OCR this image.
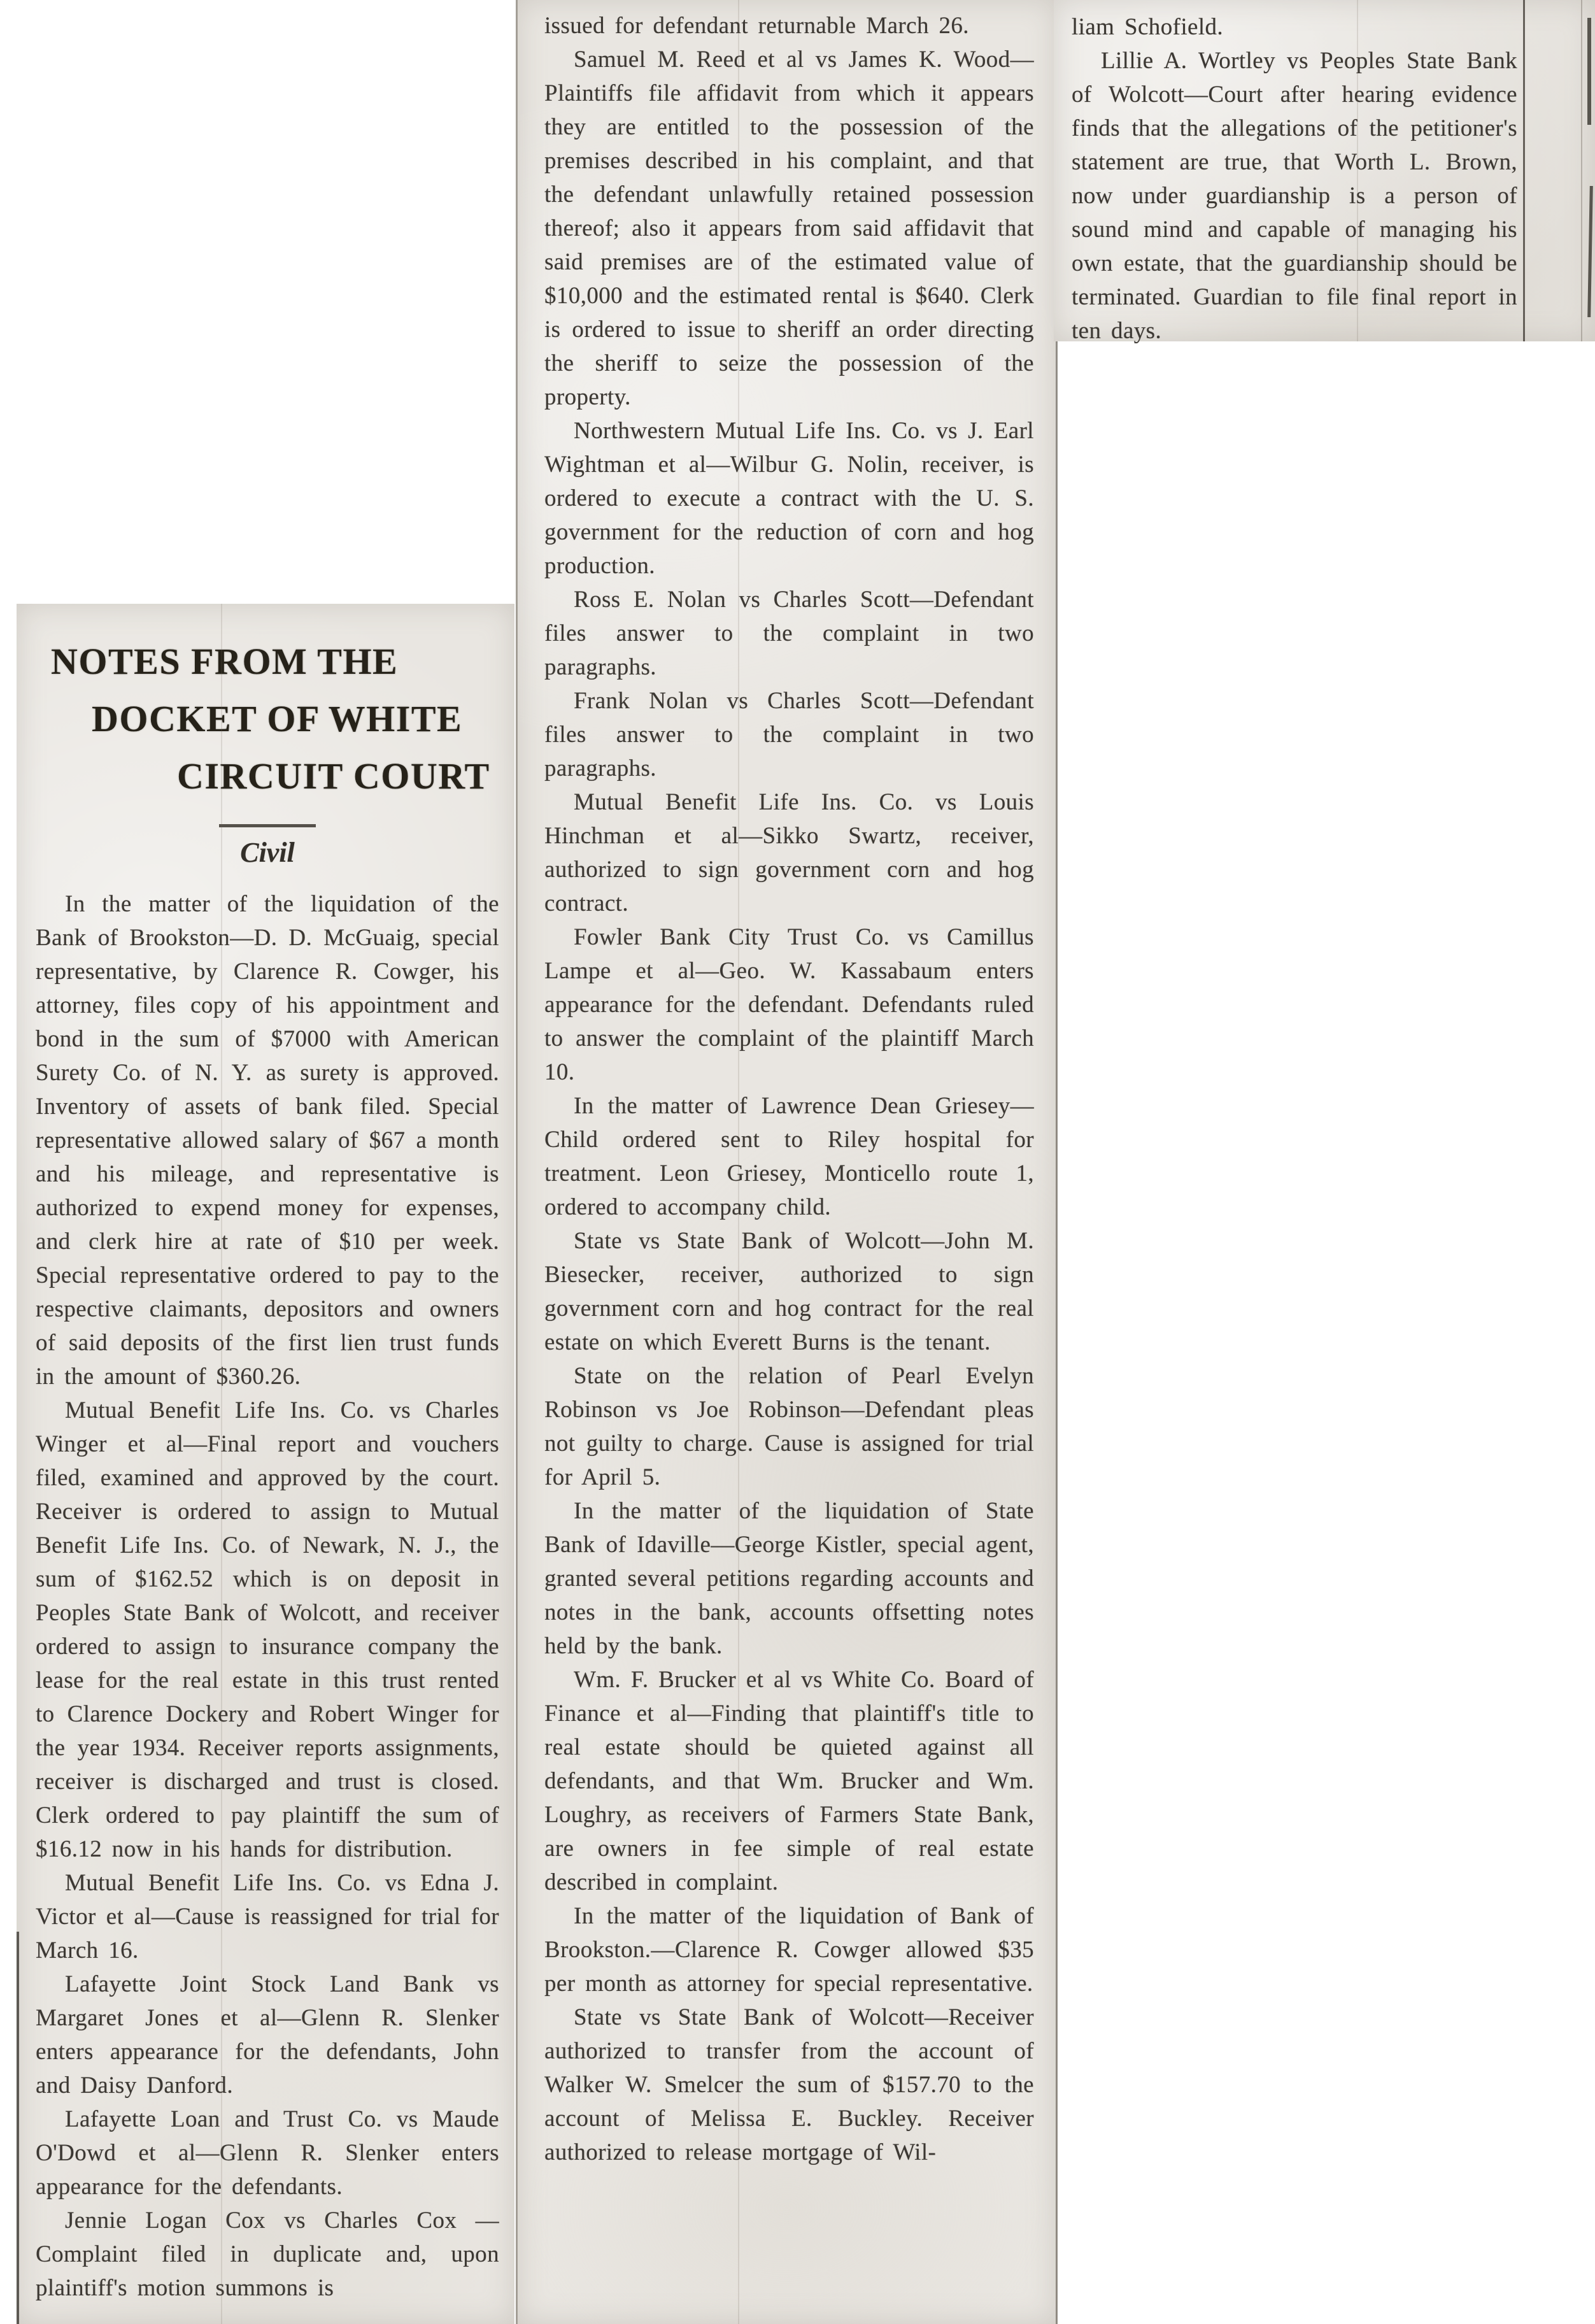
NOTES FROM THE
DOCKET OF WHITE
CIRCUIT COURT
Civil

In the matter of the liquidation of the Bank of Brookston—D. D. McGuaig, special representative, by Clarence R. Cowger, his attorney, files copy of his appointment and bond in the sum of $7000 with American Surety Co. of N. Y. as surety is approved. Inventory of assets of bank filed. Special representative allowed salary of $67 a month and his mileage, and representative is authorized to expend money for expenses, and clerk hire at rate of $10 per week. Special representative ordered to pay to the respective claimants, depositors and owners of said deposits of the first lien trust funds in the amount of $360.26.

Mutual Benefit Life Ins. Co. vs Charles Winger et al—Final report and vouchers filed, examined and approved by the court. Receiver is ordered to assign to Mutual Benefit Life Ins. Co. of Newark, N. J., the sum of $162.52 which is on deposit in Peoples State Bank of Wolcott, and receiver ordered to assign to insurance company the lease for the real estate in this trust rented to Clarence Dockery and Robert Winger for the year 1934. Receiver reports assignments, receiver is discharged and trust is closed. Clerk ordered to pay plaintiff the sum of $16.12 now in his hands for distribution.

Mutual Benefit Life Ins. Co. vs Edna J. Victor et al—Cause is reassigned for trial for March 16.

Lafayette Joint Stock Land Bank vs Margaret Jones et al—Glenn R. Slenker enters appearance for the defendants, John and Daisy Danford.

Lafayette Loan and Trust Co. vs Maude O'Dowd et al—Glenn R. Slenker enters appearance for the defendants.

Jennie Logan Cox vs Charles Cox —Complaint filed in duplicate and, upon plaintiff's motion summons is

issued for defendant returnable March 26.

Samuel M. Reed et al vs James K. Wood—Plaintiffs file affidavit from which it appears they are entitled to the possession of the premises described in his complaint, and that the defendant unlawfully retained possession thereof; also it appears from said affidavit that said premises are of the estimated value of $10,000 and the estimated rental is $640. Clerk is ordered to issue to sheriff an order directing the sheriff to seize the possession of the property.

Northwestern Mutual Life Ins. Co. vs J. Earl Wightman et al—Wilbur G. Nolin, receiver, is ordered to execute a contract with the U. S. government for the reduction of corn and hog production.

Ross E. Nolan vs Charles Scott—Defendant files answer to the complaint in two paragraphs.

Frank Nolan vs Charles Scott—Defendant files answer to the complaint in two paragraphs.

Mutual Benefit Life Ins. Co. vs Louis Hinchman et al—Sikko Swartz, receiver, authorized to sign government corn and hog contract.

Fowler Bank City Trust Co. vs Camillus Lampe et al—Geo. W. Kassabaum enters appearance for the defendant. Defendants ruled to answer the complaint of the plaintiff March 10.

In the matter of Lawrence Dean Griesey—Child ordered sent to Riley hospital for treatment. Leon Griesey, Monticello route 1, ordered to accompany child.

State vs State Bank of Wolcott—John M. Biesecker, receiver, authorized to sign government corn and hog contract for the real estate on which Everett Burns is the tenant.

State on the relation of Pearl Evelyn Robinson vs Joe Robinson—Defendant pleas not guilty to charge. Cause is assigned for trial for April 5.

In the matter of the liquidation of State Bank of Idaville—George Kistler, special agent, granted several petitions regarding accounts and notes in the bank, accounts offsetting notes held by the bank.

Wm. F. Brucker et al vs White Co. Board of Finance et al—Finding that plaintiff's title to real estate should be quieted against all defendants, and that Wm. Brucker and Wm. Loughry, as receivers of Farmers State Bank, are owners in fee simple of real estate described in complaint.

In the matter of the liquidation of Bank of Brookston.—Clarence R. Cowger allowed $35 per month as attorney for special representative.

State vs State Bank of Wolcott—Receiver authorized to transfer from the account of Walker W. Smelcer the sum of $157.70 to the account of Melissa E. Buckley. Receiver authorized to release mortgage of Wil-

liam Schofield.

Lillie A. Wortley vs Peoples State Bank of Wolcott—Court after hearing evidence finds that the allegations of the petitioner's statement are true, that Worth L. Brown, now under guardianship is a person of sound mind and capable of managing his own estate, that the guardianship should be terminated. Guardian to file final report in ten days.
